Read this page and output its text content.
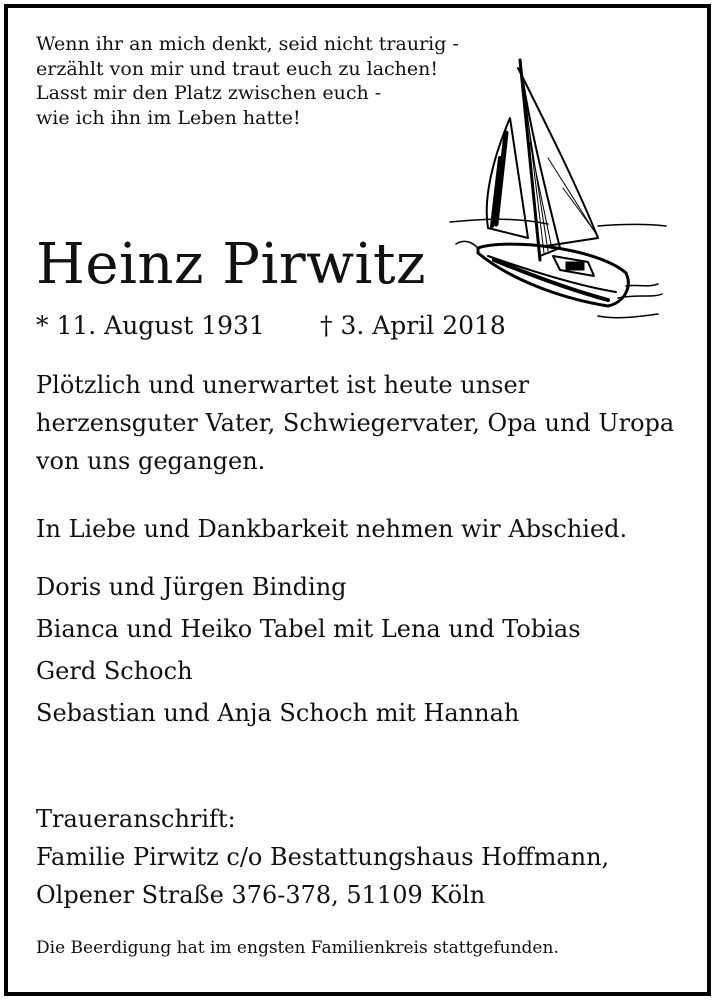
Wenn ihr an mich denkt, seid nicht traurig -
erzählt von mir und traut euch zu lachen!
Lasst mir den Platz zwischen euch -
wie ich ihn im Leben hatte!
Heinz Pirwitz
* 11. August 1931 † 3. April 2018
Plötzlich und unerwartet ist heute unser herzensguter Vater, Schwiegervater, Opa und Uropa von uns gegangen.
In Liebe und Dankbarkeit nehmen wir Abschied.
Doris und Jürgen Binding
Bianca und Heiko Tabel mit Lena und Tobias
Gerd Schoch
Sebastian und Anja Schoch mit Hannah
Traueranschrift:
Familie Pirwitz c/o Bestattungshaus Hoffmann,
Olpener Straße 376-378, 51109 Köln
Die Beerdigung hat im engsten Familienkreis stattgefunden.
